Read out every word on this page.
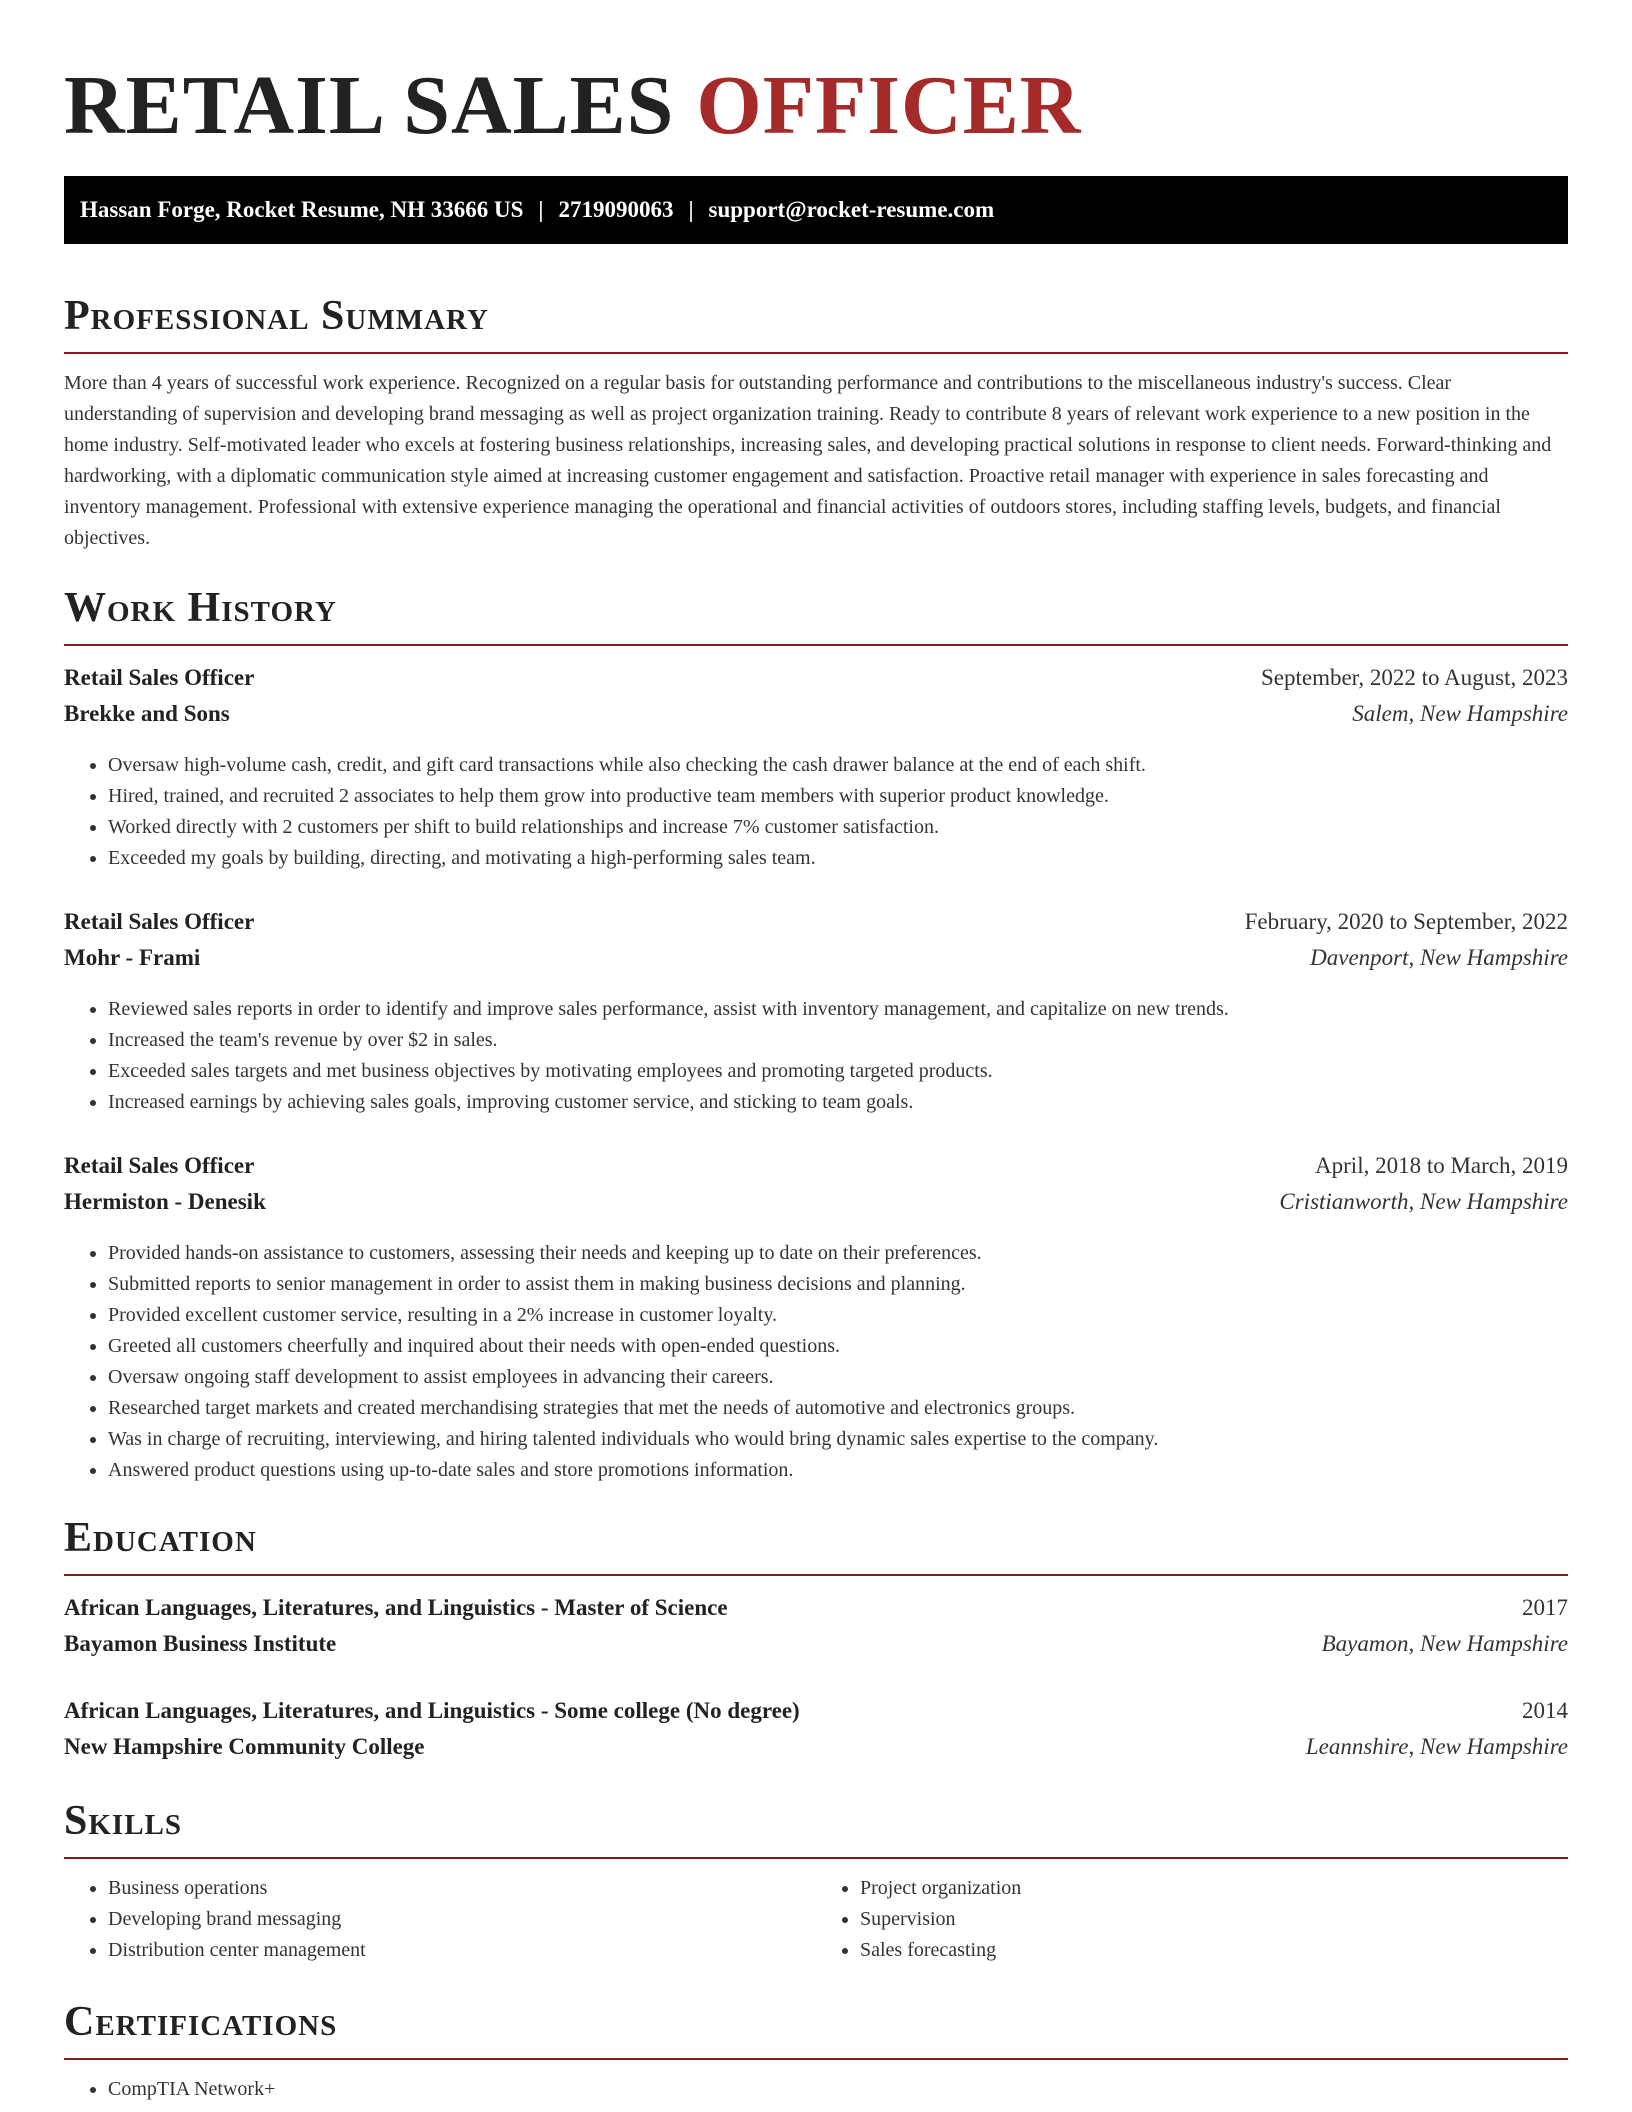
RETAIL SALES OFFICER
Hassan Forge, Rocket Resume, NH 33666 US | 2719090063 | support@rocket-resume.com
Professional Summary

More than 4 years of successful work experience. Recognized on a regular basis for outstanding performance and contributions to the miscellaneous industry's success. Clear understanding of supervision and developing brand messaging as well as project organization training. Ready to contribute 8 years of relevant work experience to a new position in the home industry. Self-motivated leader who excels at fostering business relationships, increasing sales, and developing practical solutions in response to client needs. Forward-thinking and hardworking, with a diplomatic communication style aimed at increasing customer engagement and satisfaction. Proactive retail manager with experience in sales forecasting and inventory management. Professional with extensive experience managing the operational and financial activities of outdoors stores, including staffing levels, budgets, and financial objectives.

Work History
Retail Sales Officer	September, 2022 to August, 2023
Brekke and Sons	Salem, New Hampshire
• Oversaw high-volume cash, credit, and gift card transactions while also checking the cash drawer balance at the end of each shift.
• Hired, trained, and recruited 2 associates to help them grow into productive team members with superior product knowledge.
• Worked directly with 2 customers per shift to build relationships and increase 7% customer satisfaction.
• Exceeded my goals by building, directing, and motivating a high-performing sales team.
Retail Sales Officer	February, 2020 to September, 2022
Mohr - Frami	Davenport, New Hampshire
• Reviewed sales reports in order to identify and improve sales performance, assist with inventory management, and capitalize on new trends.
• Increased the team's revenue by over $2 in sales.
• Exceeded sales targets and met business objectives by motivating employees and promoting targeted products.
• Increased earnings by achieving sales goals, improving customer service, and sticking to team goals.
Retail Sales Officer	April, 2018 to March, 2019
Hermiston - Denesik	Cristianworth, New Hampshire
• Provided hands-on assistance to customers, assessing their needs and keeping up to date on their preferences.
• Submitted reports to senior management in order to assist them in making business decisions and planning.
• Provided excellent customer service, resulting in a 2% increase in customer loyalty.
• Greeted all customers cheerfully and inquired about their needs with open-ended questions.
• Oversaw ongoing staff development to assist employees in advancing their careers.
• Researched target markets and created merchandising strategies that met the needs of automotive and electronics groups.
• Was in charge of recruiting, interviewing, and hiring talented individuals who would bring dynamic sales expertise to the company.
• Answered product questions using up-to-date sales and store promotions information.
Education
African Languages, Literatures, and Linguistics - Master of Science	2017
Bayamon Business Institute	Bayamon, New Hampshire
African Languages, Literatures, and Linguistics - Some college (No degree)	2014
New Hampshire Community College	Leannshire, New Hampshire
Skills
• Business operations
• Developing brand messaging
• Distribution center management
• Project organization
• Supervision
• Sales forecasting
Certifications
• CompTIA Network+
